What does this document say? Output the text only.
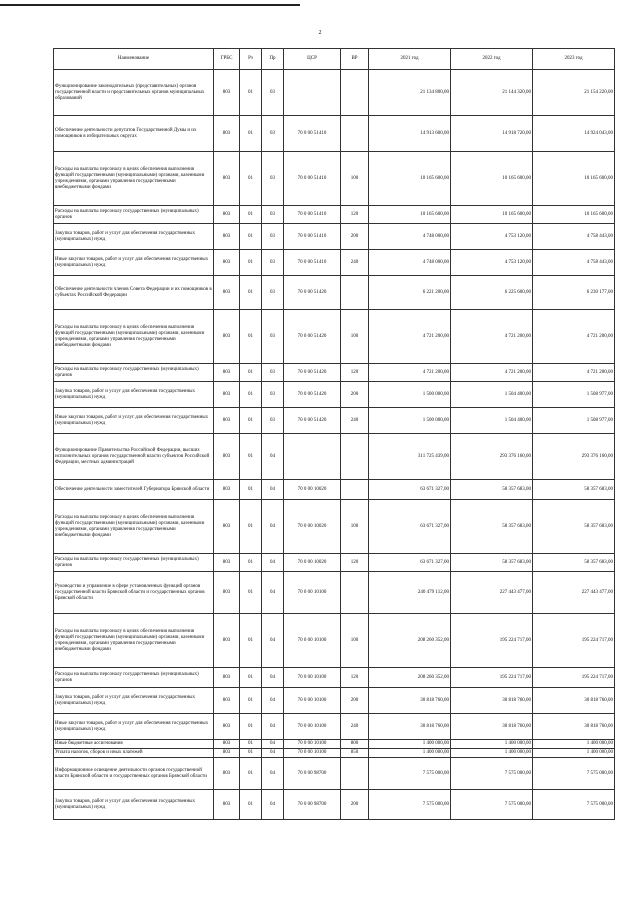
2
Наименование	ГРБС	Рз	Пр	ЦСР	ВР	2021 год	2022 год	2023 год
Функционирование законодательных (представительных) органов государственной власти и представительных органов муниципальных образований	803	01	03			21 134 800,00	21 144 320,00	21 154 220,00
Обеспечение деятельности депутатов Государственной Думы и их помощников в избирательных округах	803	01	03	70 0 00 51410		14 913 600,00	14 918 720,00	14 924 043,00
Расходы на выплаты персоналу в целях обеспечения выполнения функций государственными (муниципальными) органами, казенными учреждениями, органами управления государственными внебюджетными фондами	803	01	03	70 0 00 51410	100	10 165 600,00	10 165 600,00	10 165 600,00
Расходы на выплаты персоналу государственных (муниципальных) органов	803	01	03	70 0 00 51410	120	10 165 600,00	10 165 600,00	10 165 600,00
Закупка товаров, работ и услуг для обеспечения государственных (муниципальных) нужд	803	01	03	70 0 00 51410	200	4 748 000,00	4 753 120,00	4 758 443,00
Иные закупки товаров, работ и услуг для обеспечения государственных (муниципальных) нужд	803	01	03	70 0 00 51410	240	4 748 000,00	4 753 120,00	4 758 443,00
Обеспечение деятельности членов Совета Федерации и их помощников в субъектах Российской Федерации	803	01	03	70 0 00 51420		6 221 200,00	6 225 600,00	6 230 177,00
Расходы на выплаты персоналу в целях обеспечения выполнения функций государственными (муниципальными) органами, казенными учреждениями, органами управления государственными внебюджетными фондами	803	01	03	70 0 00 51420	100	4 721 200,00	4 721 200,00	4 721 200,00
Расходы на выплаты персоналу государственных (муниципальных) органов	803	01	03	70 0 00 51420	120	4 721 200,00	4 721 200,00	4 721 200,00
Закупка товаров, работ и услуг для обеспечения государственных (муниципальных) нужд	803	01	03	70 0 00 51420	200	1 500 000,00	1 504 400,00	1 508 977,00
Иные закупки товаров, работ и услуг для обеспечения государственных (муниципальных) нужд	803	01	03	70 0 00 51420	240	1 500 000,00	1 504 400,00	1 508 977,00
Функционирование Правительства Российской Федерации, высших исполнительных органов государственной власти субъектов Российской Федерации, местных администраций	803	01	04			311 725 439,00	293 376 160,00	293 376 160,00
Обеспечение деятельности заместителей Губернатора Брянской области	803	01	04	70 0 00 10020		63 671 327,00	58 357 683,00	58 357 683,00
Расходы на выплаты персоналу в целях обеспечения выполнения функций государственными (муниципальными) органами, казенными учреждениями, органами управления государственными внебюджетными фондами	803	01	04	70 0 00 10020	100	63 671 327,00	58 357 683,00	58 357 683,00
Расходы на выплаты персоналу государственных (муниципальных) органов	803	01	04	70 0 00 10020	120	63 671 327,00	58 357 683,00	58 357 683,00
Руководство и управление в сфере установленных функций органов государственной власти Брянской области и государственных органов Брянской области	803	01	04	70 0 00 10100		240 479 112,00	227 443 477,00	227 443 477,00
Расходы на выплаты персоналу в целях обеспечения выполнения функций государственными (муниципальными) органами, казенными учреждениями, органами управления государственными внебюджетными фондами	803	01	04	70 0 00 10100	100	208 260 352,00	195 224 717,00	195 224 717,00
Расходы на выплаты персоналу государственных (муниципальных) органов	803	01	04	70 0 00 10100	120	208 260 352,00	195 224 717,00	195 224 717,00
Закупка товаров, работ и услуг для обеспечения государственных (муниципальных) нужд	803	01	04	70 0 00 10100	200	30 818 760,00	30 818 760,00	30 818 760,00
Иные закупки товаров, работ и услуг для обеспечения государственных (муниципальных) нужд	803	01	04	70 0 00 10100	240	30 818 760,00	30 818 760,00	30 818 760,00
Иные бюджетные ассигнования	803	01	04	70 0 00 10100	800	1 400 000,00	1 400 000,00	1 400 000,00
Уплата налогов, сборов и иных платежей	803	01	04	70 0 00 10100	850	1 400 000,00	1 400 000,00	1 400 000,00
Информационное освещение деятельности органов государственной власти Брянской области и государственных органов Брянской области	803	01	04	70 0 00 98700		7 575 000,00	7 575 000,00	7 575 000,00
Закупка товаров, работ и услуг для обеспечения государственных (муниципальных) нужд	803	01	04	70 0 00 98700	200	7 575 000,00	7 575 000,00	7 575 000,00
